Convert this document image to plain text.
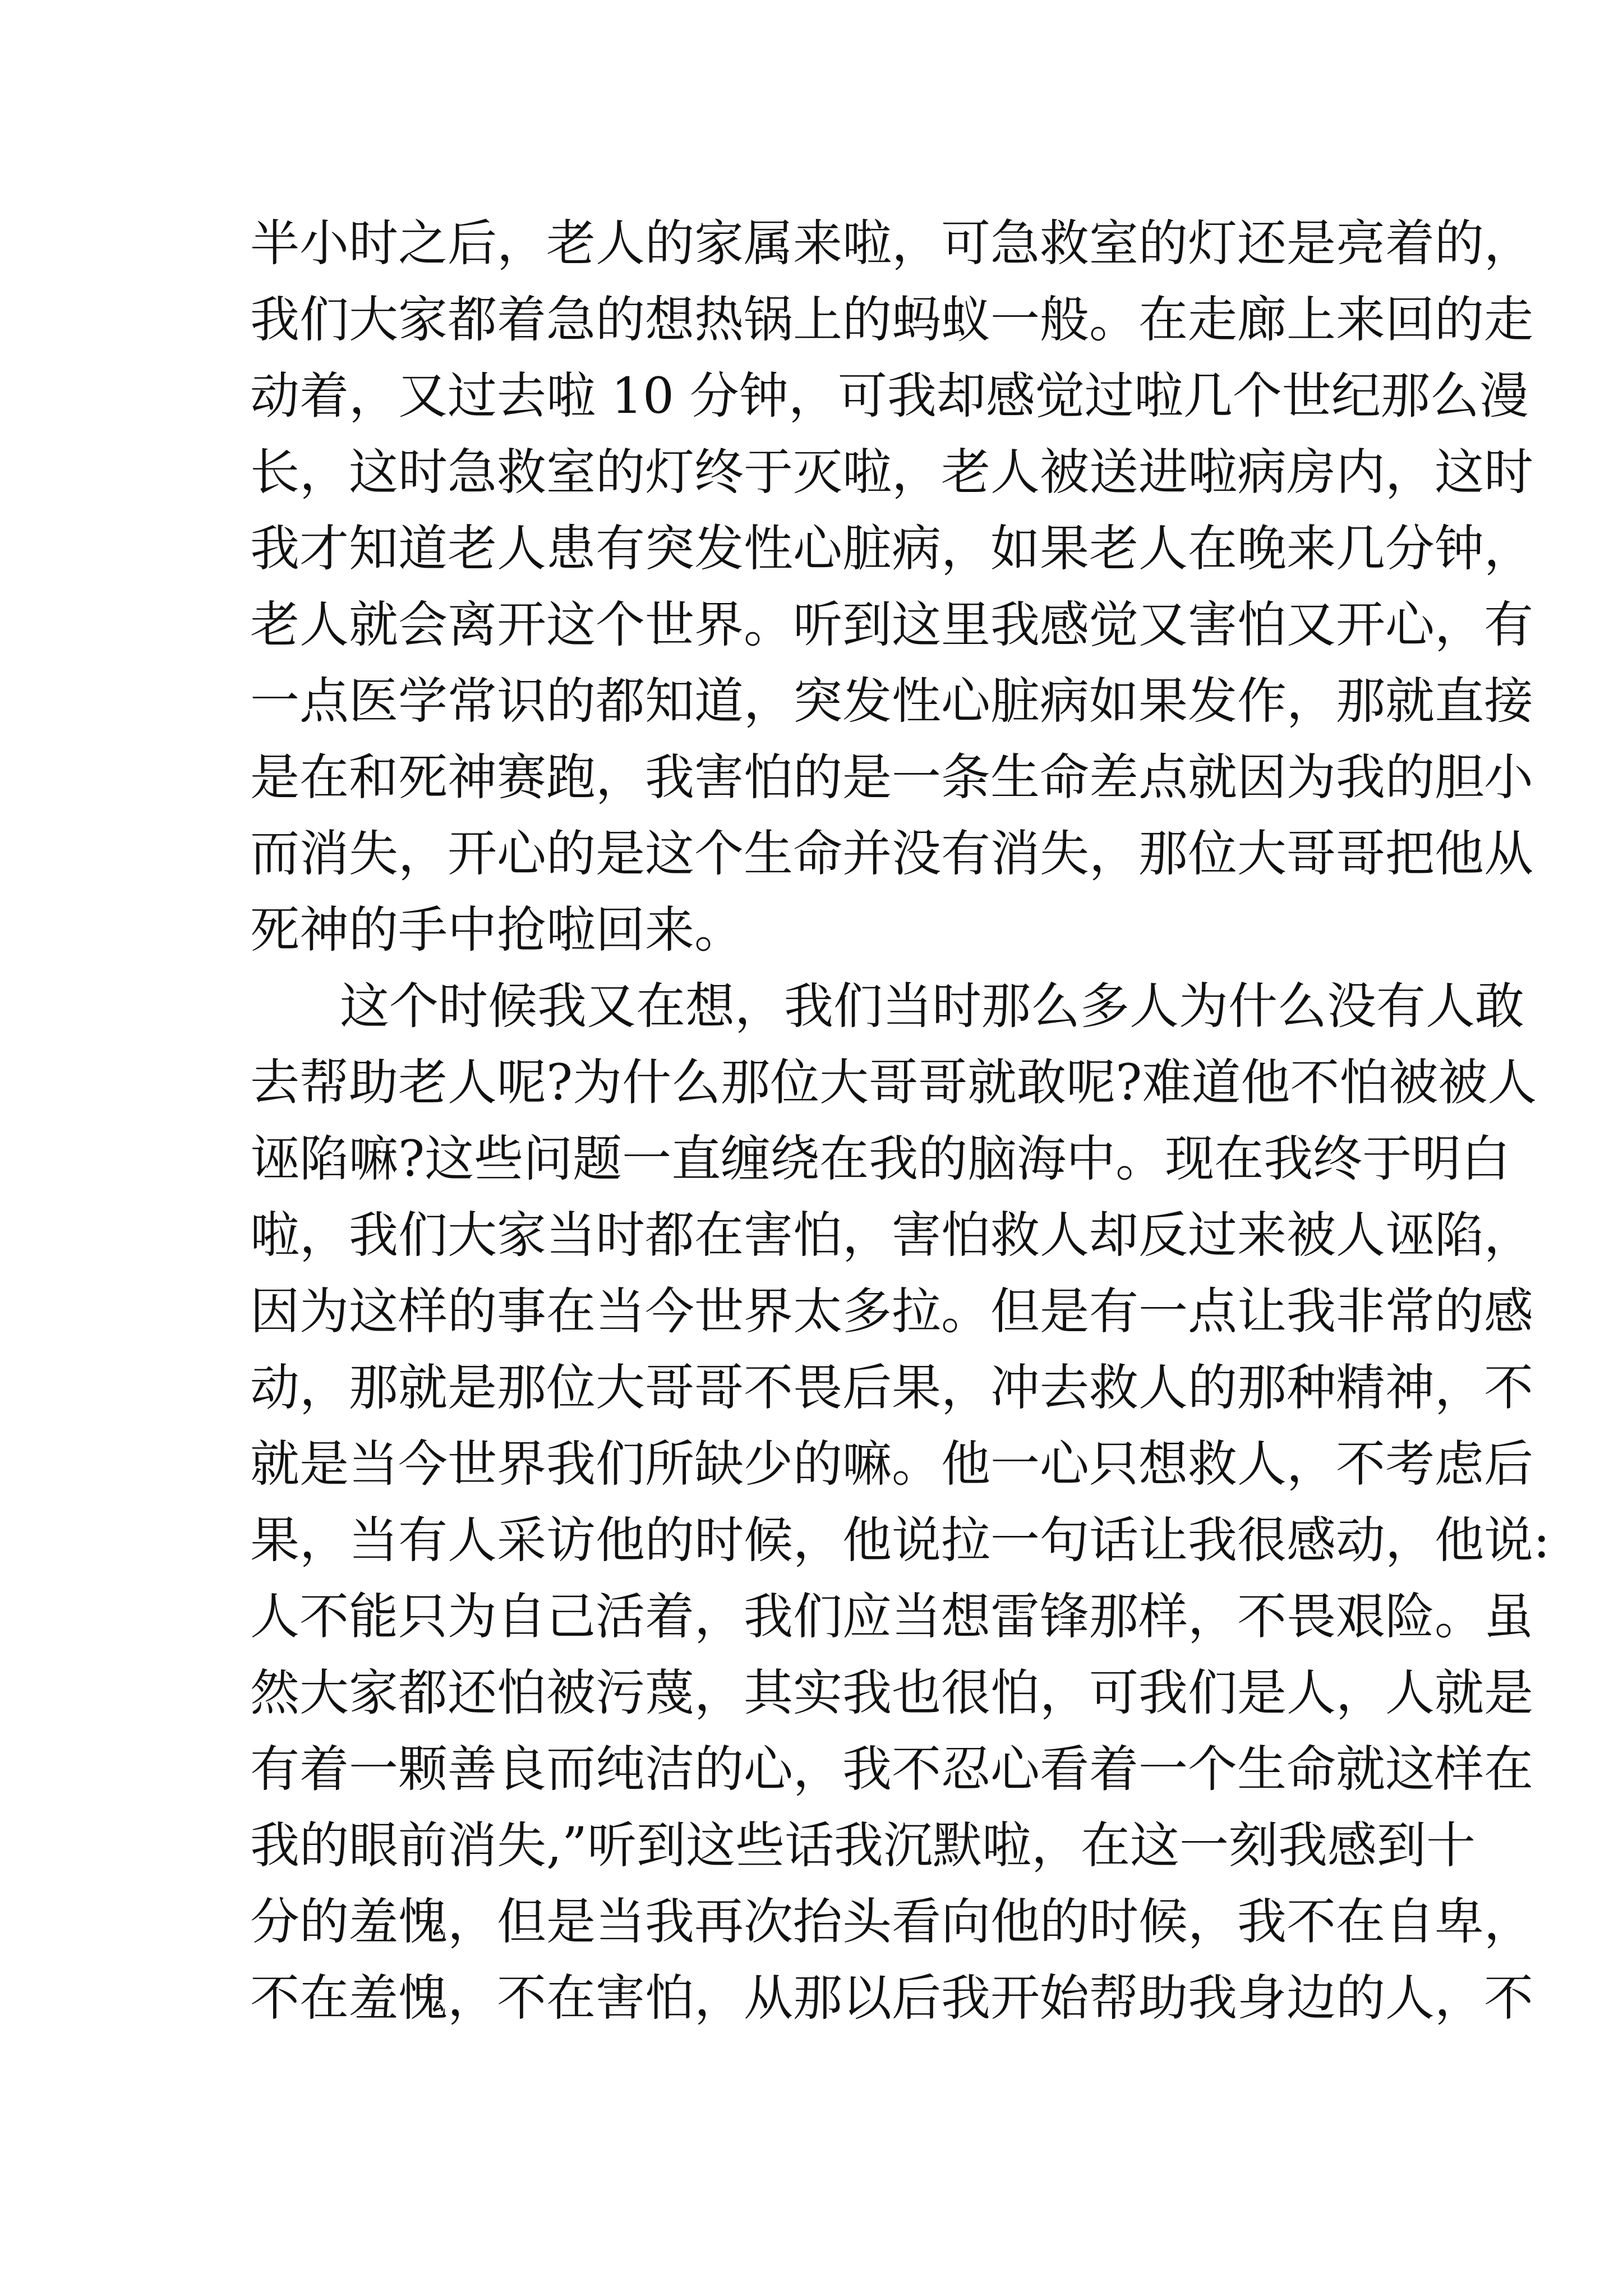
半小时之后，老人的家属来啦，可急救室的灯还是亮着的，
我们大家都着急的想热锅上的蚂蚁一般。在走廊上来回的走
动着，又过去啦 10 分钟，可我却感觉过啦几个世纪那么漫
长，这时急救室的灯终于灭啦，老人被送进啦病房内，这时
我才知道老人患有突发性心脏病，如果老人在晚来几分钟，
老人就会离开这个世界。听到这里我感觉又害怕又开心，有
一点医学常识的都知道，突发性心脏病如果发作，那就直接
是在和死神赛跑，我害怕的是一条生命差点就因为我的胆小
而消失，开心的是这个生命并没有消失，那位大哥哥把他从
死神的手中抢啦回来。
这个时候我又在想，我们当时那么多人为什么没有人敢
去帮助老人呢?为什么那位大哥哥就敢呢?难道他不怕被被人
诬陷嘛?这些问题一直缠绕在我的脑海中。现在我终于明白
啦，我们大家当时都在害怕，害怕救人却反过来被人诬陷，
因为这样的事在当今世界太多拉。但是有一点让我非常的感
动，那就是那位大哥哥不畏后果，冲去救人的那种精神，不
就是当今世界我们所缺少的嘛。他一心只想救人，不考虑后
果，当有人采访他的时候，他说拉一句话让我很感动，他说:
人不能只为自己活着，我们应当想雷锋那样，不畏艰险。虽
然大家都还怕被污蔑，其实我也很怕，可我们是人，人就是
有着一颗善良而纯洁的心，我不忍心看着一个生命就这样在
我的眼前消失,”听到这些话我沉默啦，在这一刻我感到十
分的羞愧，但是当我再次抬头看向他的时候，我不在自卑，
不在羞愧，不在害怕，从那以后我开始帮助我身边的人，不
